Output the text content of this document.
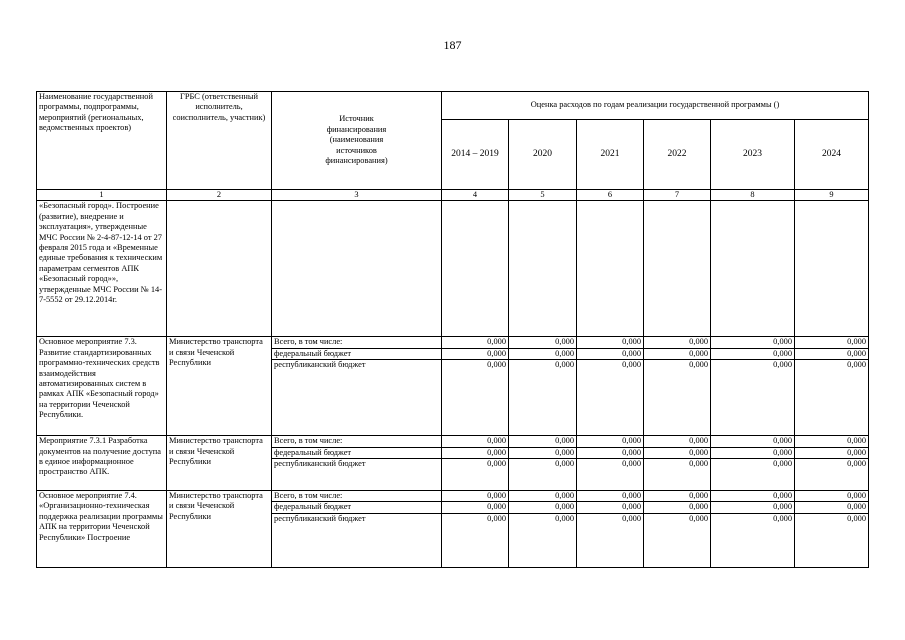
187
Наименование государственной программы, подпрограммы, мероприятий (региональных, ведомственных проектов)	ГРБС (ответственный исполнитель, соисполнитель, участник)	Источник финансирования (наименования источников финансирования)	Оценка расходов по годам реализации государственной программы ()					
			2014 – 2019	2020	2021	2022	2023	2024
1	2	3	4	5	6	7	8	9
«Безопасный город». Построение (развитие), внедрение и эксплуатация», утвержденные МЧС России № 2-4-87-12-14 от 27 февраля 2015 года и «Временные единые требования к техническим параметрам сегментов АПК «Безопасный город»», утвержденные МЧС России № 14-7-5552 от 29.12.2014г.								
Основное мероприятие 7.3. Развитие стандартизированных программно-технических средств взаимодействия автоматизированных систем в рамках АПК «Безопасный город» на территории Чеченской Республики.	Министерство транспорта и связи Чеченской Республики	Всего, в том числе:	0,000	0,000	0,000	0,000	0,000	0,000
		федеральный бюджет	0,000	0,000	0,000	0,000	0,000	0,000
		республиканский бюджет	0,000	0,000	0,000	0,000	0,000	0,000
Мероприятие 7.3.1 Разработка документов на получение доступа в единое информационное пространство АПК.	Министерство транспорта и связи Чеченской Республики	Всего, в том числе:	0,000	0,000	0,000	0,000	0,000	0,000
		федеральный бюджет	0,000	0,000	0,000	0,000	0,000	0,000
		республиканский бюджет	0,000	0,000	0,000	0,000	0,000	0,000
Основное мероприятие 7.4. «Организационно-техническая поддержка реализации программы АПК на территории Чеченской Республики» Построение	Министерство транспорта и связи Чеченской Республики	Всего, в том числе:	0,000	0,000	0,000	0,000	0,000	0,000
		федеральный бюджет	0,000	0,000	0,000	0,000	0,000	0,000
		республиканский бюджет	0,000	0,000	0,000	0,000	0,000	0,000
